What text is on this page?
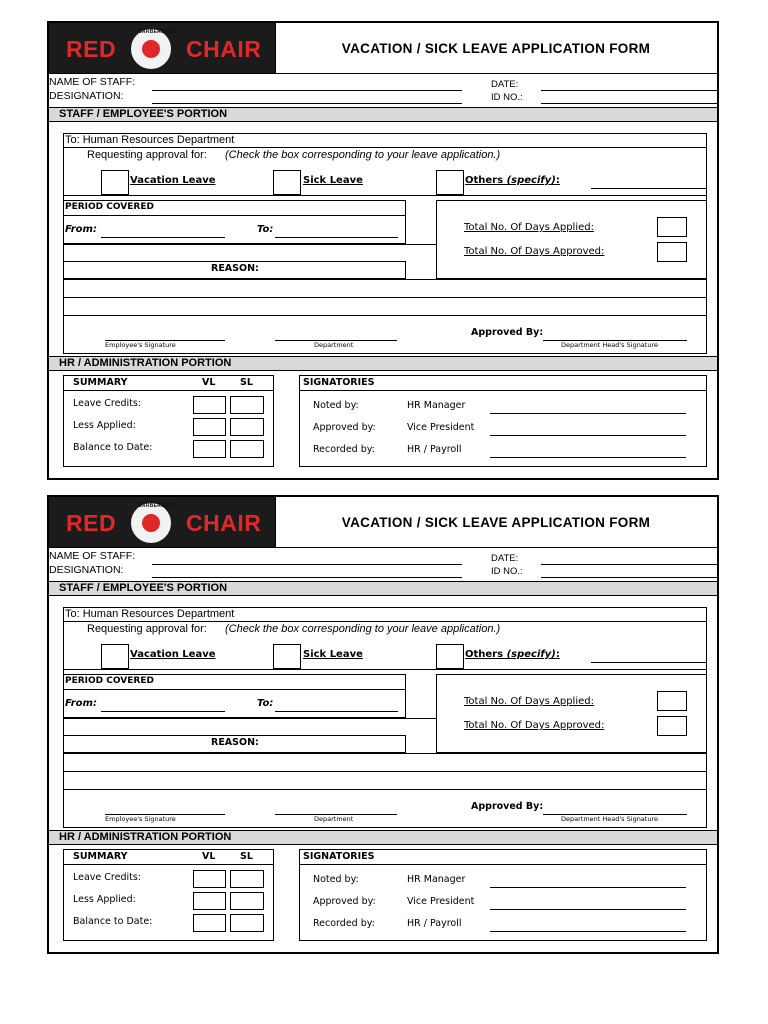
RED
BARBERSHOP
CHAIR	VACATION / SICK LEAVE APPLICATION FORM
NAME OF STAFF:
DESIGNATION:
DATE:
ID NO.:
STAFF / EMPLOYEE'S PORTION
To: Human Resources Department
Requesting approval for: (Check the box corresponding to your leave application.)
Vacation Leave	Sick Leave	Others (specify):
PERIOD COVERED
From:	To:	Total No. Of Days Applied:
Total No. Of Days Approved:
REASON:
Approved By:
Employee's Signature	Department	Department Head's Signature
HR / ADMINISTRATION PORTION
SUMMARY	VL	SL
Leave Credits:
Less Applied:
Balance to Date:
SIGNATORIES
Noted by:	HR Manager
Approved by:	Vice President
Recorded by:	HR / Payroll
RED
BARBERSHOP
CHAIR	VACATION / SICK LEAVE APPLICATION FORM
NAME OF STAFF:
DESIGNATION:
DATE:
ID NO.:
STAFF / EMPLOYEE'S PORTION
To: Human Resources Department
Requesting approval for: (Check the box corresponding to your leave application.)
Vacation Leave	Sick Leave	Others (specify):
PERIOD COVERED
From:	To:	Total No. Of Days Applied:
Total No. Of Days Approved:
REASON:
Approved By:
Employee's Signature	Department	Department Head's Signature
HR / ADMINISTRATION PORTION
SUMMARY	VL	SL
Leave Credits:
Less Applied:
Balance to Date:
SIGNATORIES
Noted by:	HR Manager
Approved by:	Vice President
Recorded by:	HR / Payroll
